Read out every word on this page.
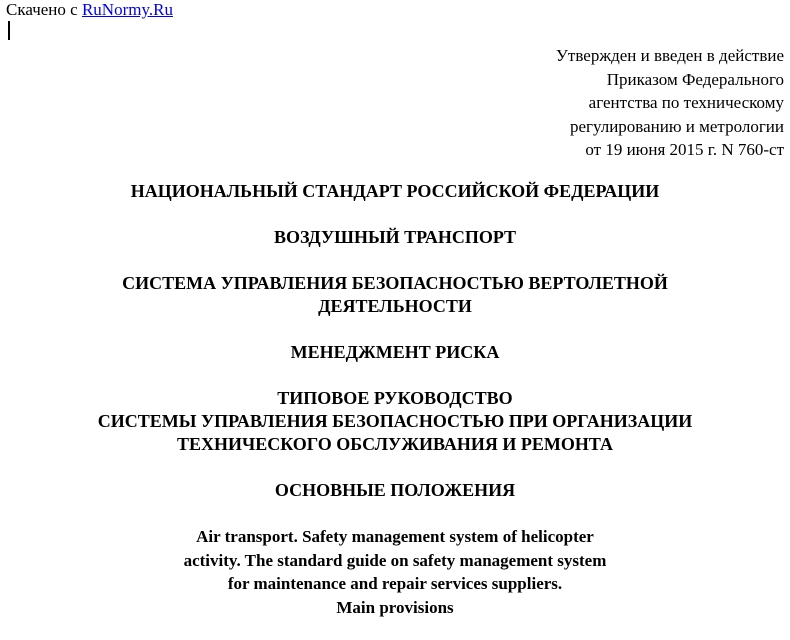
Скачено с RuNormy.Ru
Утвержден и введен в действие
Приказом Федерального
агентства по техническому
регулированию и метрологии
от 19 июня 2015 г. N 760-ст
НАЦИОНАЛЬНЫЙ СТАНДАРТ РОССИЙСКОЙ ФЕДЕРАЦИИ
ВОЗДУШНЫЙ ТРАНСПОРТ
СИСТЕМА УПРАВЛЕНИЯ БЕЗОПАСНОСТЬЮ ВЕРТОЛЕТНОЙ
ДЕЯТЕЛЬНОСТИ
МЕНЕДЖМЕНТ РИСКА
ТИПОВОЕ РУКОВОДСТВО
СИСТЕМЫ УПРАВЛЕНИЯ БЕЗОПАСНОСТЬЮ ПРИ ОРГАНИЗАЦИИ
ТЕХНИЧЕСКОГО ОБСЛУЖИВАНИЯ И РЕМОНТА
ОСНОВНЫЕ ПОЛОЖЕНИЯ
Air transport. Safety management system of helicopter
activity. The standard guide on safety management system
for maintenance and repair services suppliers.
Main provisions
